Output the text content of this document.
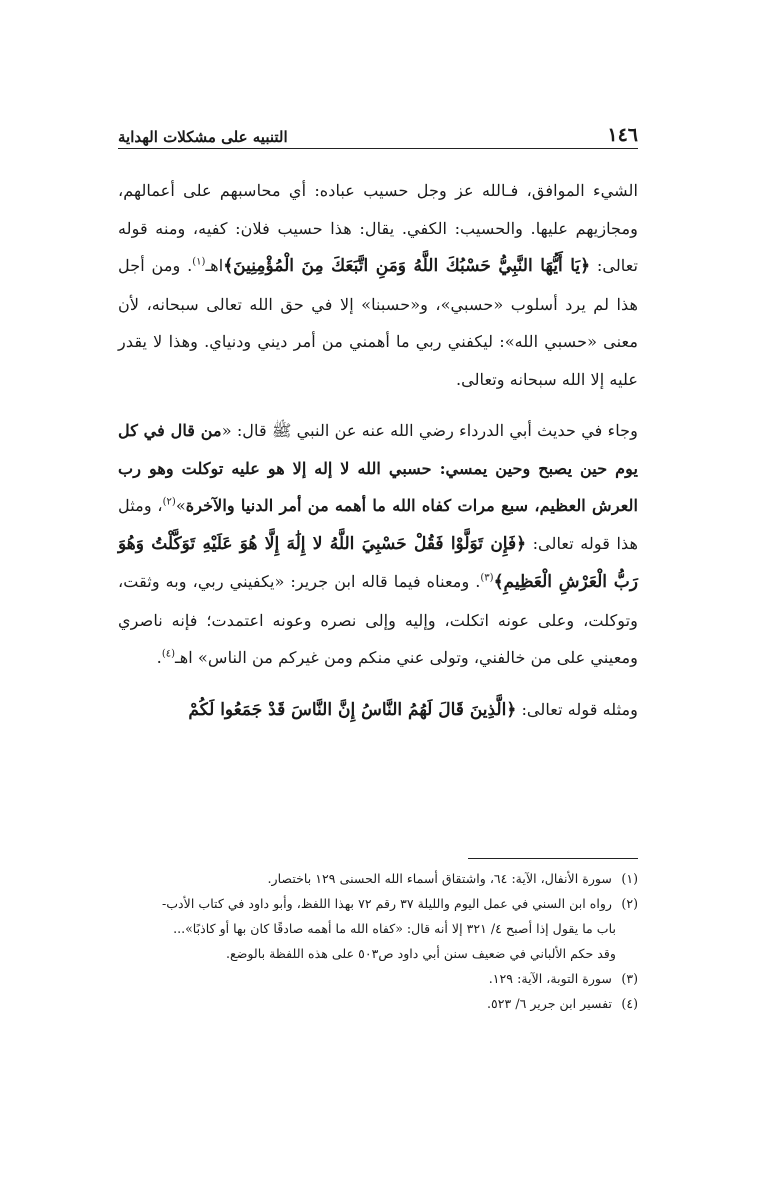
١٤٦
التنبيه على مشكلات الهداية

الشيء الموافق، فـالله عز وجل حسيب عباده: أي محاسبهم على أعمالهم، ومجازيهم عليها. والحسيب: الكفي. يقال: هذا حسيب فلان: كفيه، ومنه قوله تعالى: ﴿يَا أَيُّهَا النَّبِيُّ حَسْبُكَ اللَّهُ وَمَنِ اتَّبَعَكَ مِنَ الْمُؤْمِنِينَ﴾اهـ$^{(١)}$. ومن أجل هذا لم يرد أسلوب «حسبي»، و«حسبنا» إلا في حق الله تعالى سبحانه، لأن معنى «حسبي الله»: ليكفني ربي ما أهمني من أمر ديني ودنياي. وهذا لا يقدر عليه إلا الله سبحانه وتعالى.

وجاء في حديث أبي الدرداء رضي الله عنه عن النبي ﷺ قال: «من قال في كل يوم حين يصبح وحين يمسي: حسبي الله لا إله إلا هو عليه توكلت وهو رب العرش العظيم، سبع مرات كفاه الله ما أهمه من أمر الدنيا والآخرة»$^{(٢)}$، ومثل هذا قوله تعالى: ﴿فَإِن تَوَلَّوْا فَقُلْ حَسْبِيَ اللَّهُ لا إِلَٰهَ إِلَّا هُوَ عَلَيْهِ تَوَكَّلْتُ وَهُوَ رَبُّ الْعَرْشِ الْعَظِيمِ﴾$^{(٣)}$. ومعناه فيما قاله ابن جرير: «يكفيني ربي، وبه وثقت، وتوكلت، وعلى عونه اتكلت، وإليه وإلى نصره وعونه اعتمدت؛ فإنه ناصري ومعيني على من خالفني، وتولى عني منكم ومن غيركم من الناس» اهـ$^{(٤)}$.

ومثله قوله تعالى: ﴿الَّذِينَ قَالَ لَهُمُ النَّاسُ إِنَّ النَّاسَ قَدْ جَمَعُوا لَكُمْ

(١) سورة الأنفال، الآية: ٦٤، واشتقاق أسماء الله الحسنى ١٢٩ باختصار.

(٢) رواه ابن السني في عمل اليوم والليلة ٣٧ رقم ٧٢ بهذا اللفظ، وأبو داود في كتاب الأدب-

باب ما يقول إذا أصبح ٤/ ٣٢١ إلا أنه قال: «كفاه الله ما أهمه صادقًا كان بها أو كاذبًا»...

وقد حكم الألباني في ضعيف سنن أبي داود ص٥٠٣ على هذه اللفظة بالوضع.

(٣) سورة التوبة، الآية: ١٢٩.

(٤) تفسير ابن جرير ٦/ ٥٢٣.
